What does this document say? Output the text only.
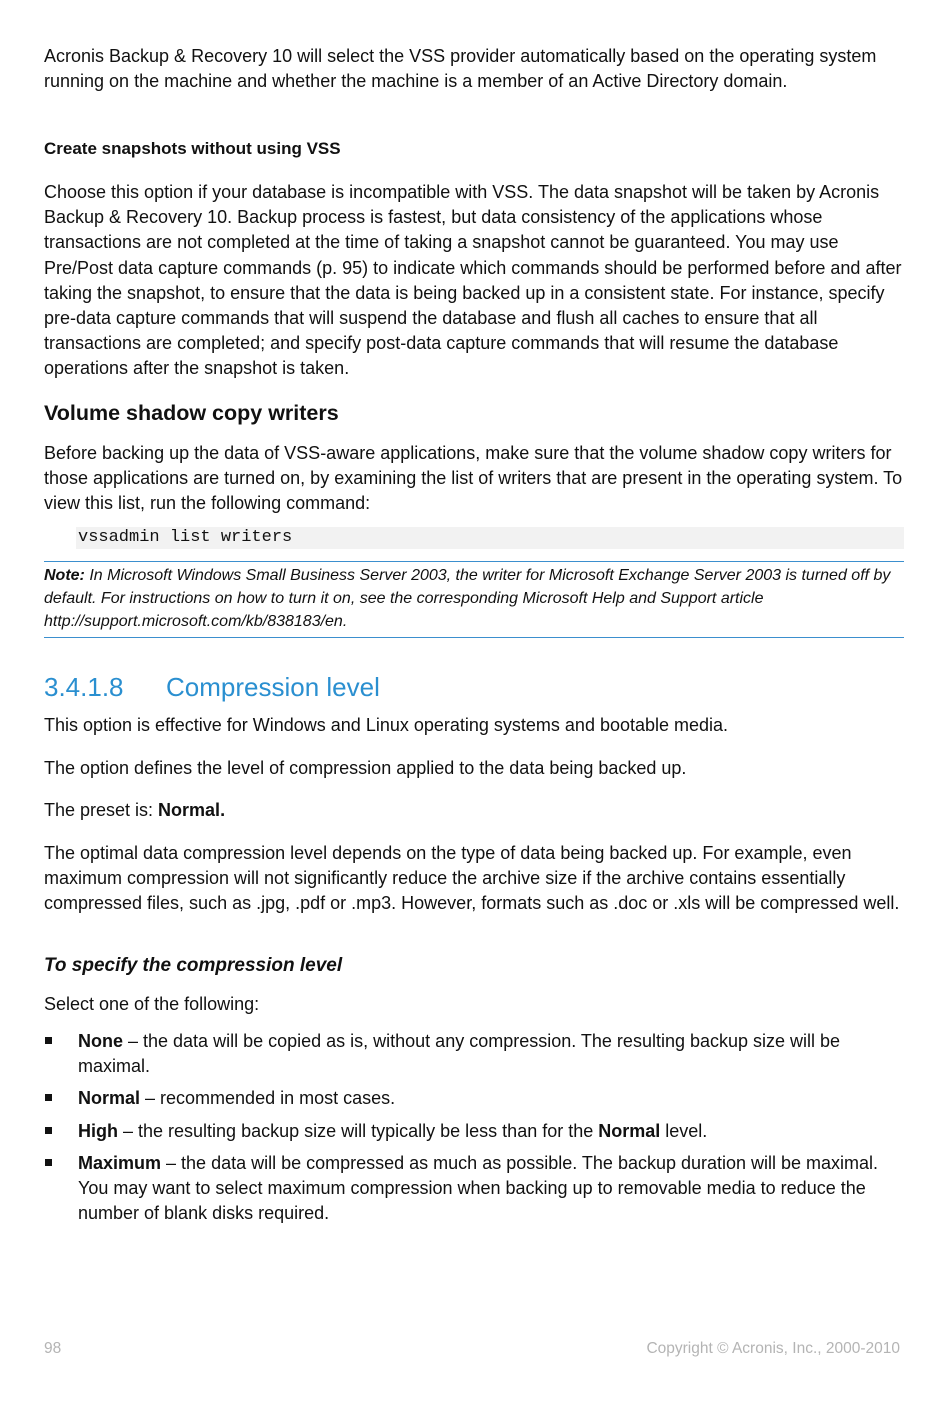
Acronis Backup & Recovery 10 will select the VSS provider automatically based on the operating system running on the machine and whether the machine is a member of an Active Directory domain.

Create snapshots without using VSS

Choose this option if your database is incompatible with VSS. The data snapshot will be taken by Acronis Backup & Recovery 10. Backup process is fastest, but data consistency of the applications whose transactions are not completed at the time of taking a snapshot cannot be guaranteed. You may use Pre/Post data capture commands (p. 95) to indicate which commands should be performed before and after taking the snapshot, to ensure that the data is being backed up in a consistent state. For instance, specify pre-data capture commands that will suspend the database and flush all caches to ensure that all transactions are completed; and specify post-data capture commands that will resume the database operations after the snapshot is taken.

Volume shadow copy writers

Before backing up the data of VSS-aware applications, make sure that the volume shadow copy writers for those applications are turned on, by examining the list of writers that are present in the operating system. To view this list, run the following command:

vssadmin list writers
Note: In Microsoft Windows Small Business Server 2003, the writer for Microsoft Exchange Server 2003 is turned off by default. For instructions on how to turn it on, see the corresponding Microsoft Help and Support article http://support.microsoft.com/kb/838183/en.
3.4.1.8	Compression level

This option is effective for Windows and Linux operating systems and bootable media.

The option defines the level of compression applied to the data being backed up.

The preset is: Normal.

The optimal data compression level depends on the type of data being backed up. For example, even maximum compression will not significantly reduce the archive size if the archive contains essentially compressed files, such as .jpg, .pdf or .mp3. However, formats such as .doc or .xls will be compressed well.

To specify the compression level

Select one of the following:

None – the data will be copied as is, without any compression. The resulting backup size will be maximal.
Normal – recommended in most cases.
High – the resulting backup size will typically be less than for the Normal level.
Maximum – the data will be compressed as much as possible. The backup duration will be maximal. You may want to select maximum compression when backing up to removable media to reduce the number of blank disks required.
98	Copyright © Acronis, Inc., 2000-2010
